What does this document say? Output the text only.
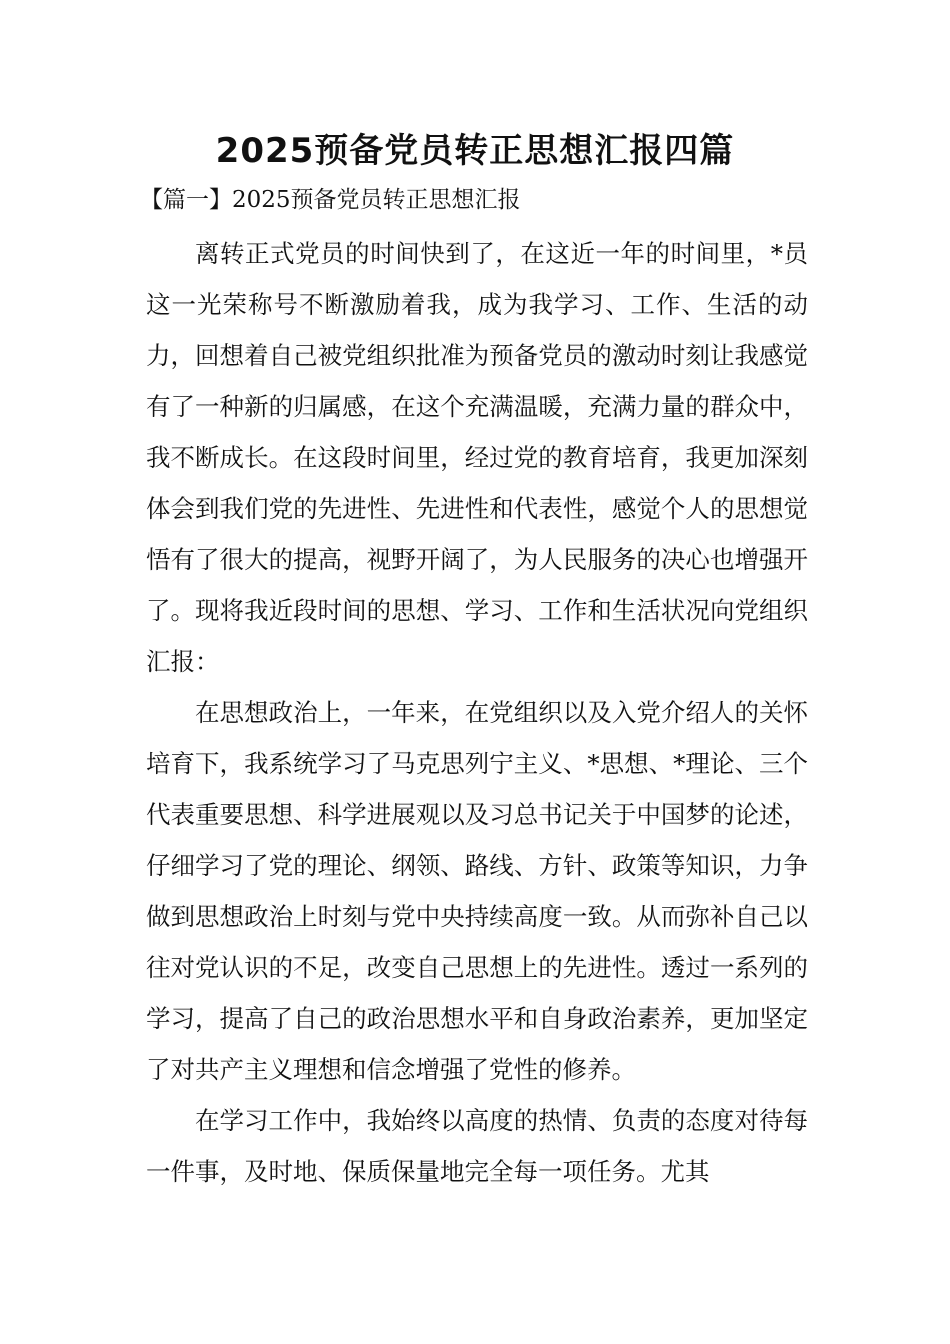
2025预备党员转正思想汇报四篇
【篇一】2025预备党员转正思想汇报

离转正式党员的时间快到了，在这近一年的时间里，*员这一光荣称号不断激励着我，成为我学习、工作、生活的动力，回想着自己被党组织批准为预备党员的激动时刻让我感觉有了一种新的归属感，在这个充满温暖，充满力量的群众中，我不断成长。在这段时间里，经过党的教育培育，我更加深刻体会到我们党的先进性、先进性和代表性，感觉个人的思想觉悟有了很大的提高，视野开阔了，为人民服务的决心也增强开了。现将我近段时间的思想、学习、工作和生活状况向党组织汇报：

在思想政治上，一年来，在党组织以及入党介绍人的关怀培育下，我系统学习了马克思列宁主义、*思想、*理论、三个代表重要思想、科学进展观以及习总书记关于中国梦的论述，仔细学习了党的理论、纲领、路线、方针、政策等知识，力争做到思想政治上时刻与党中央持续高度一致。从而弥补自己以往对党认识的不足，改变自己思想上的先进性。透过一系列的学习，提高了自己的政治思想水平和自身政治素养，更加坚定了对共产主义理想和信念增强了党性的修养。

在学习工作中，我始终以高度的热情、负责的态度对待每一件事，及时地、保质保量地完全每一项任务。尤其
